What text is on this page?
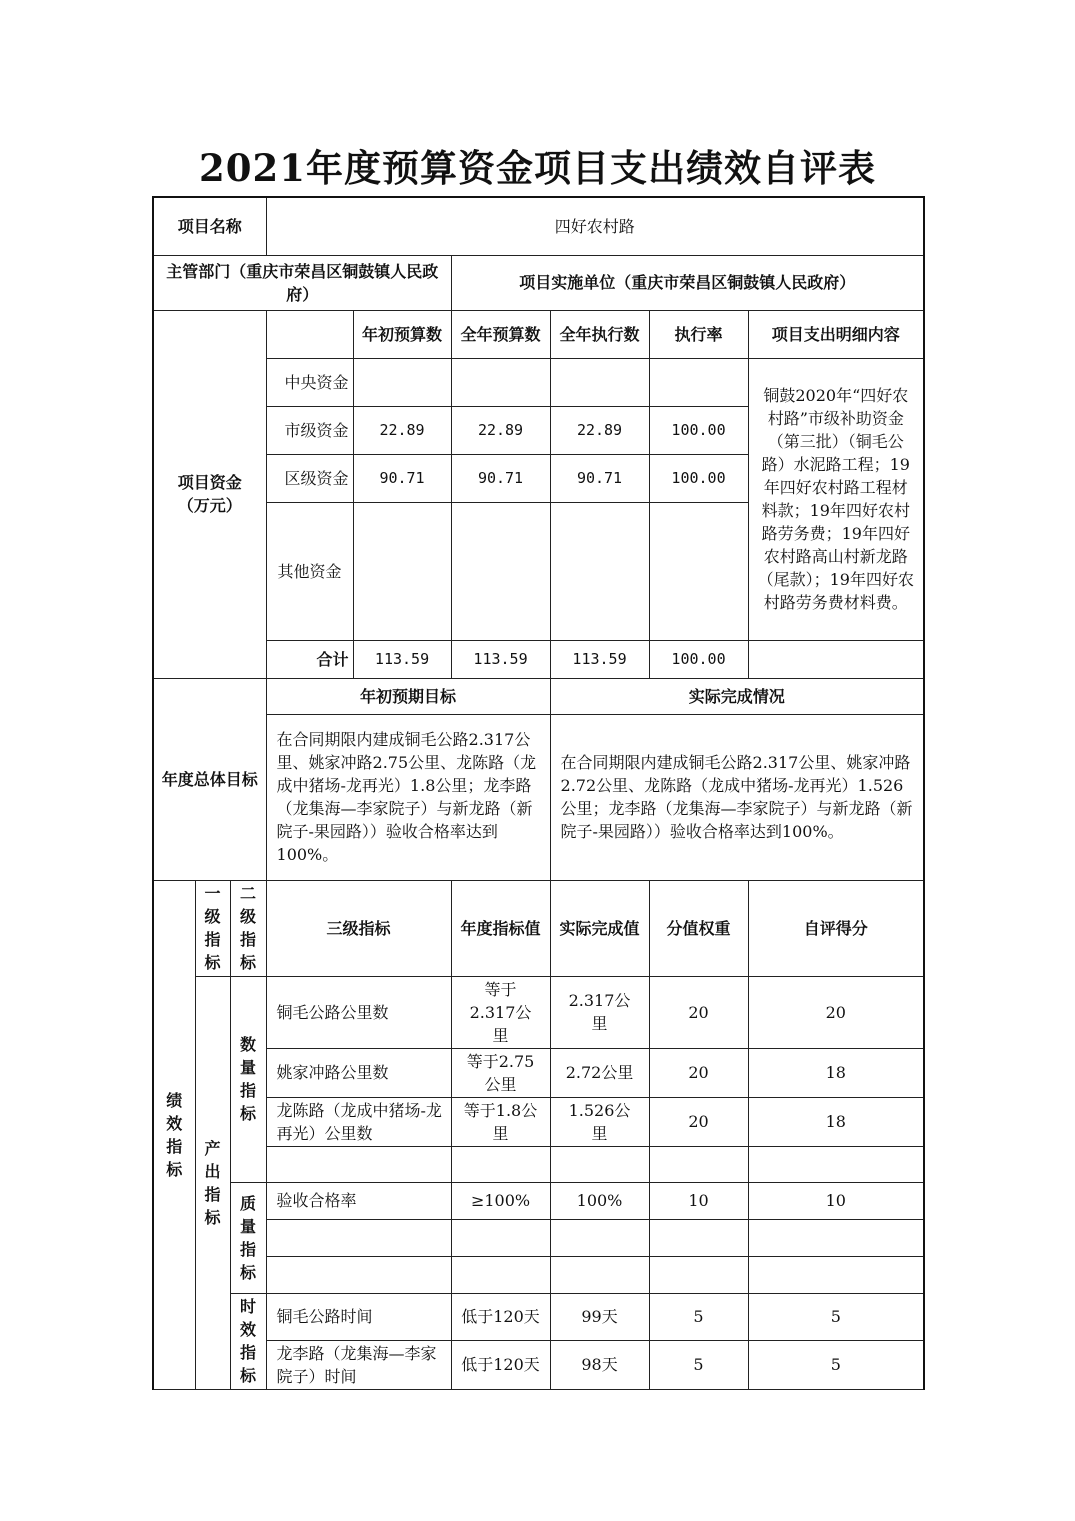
2021年度预算资金项目支出绩效自评表
项目名称			四好农村路					
主管部门（重庆市荣昌区铜鼓镇人民政府）					项目实施单位（重庆市荣昌区铜鼓镇人民政府）			
项目资金（万元）				年初预算数	全年预算数	全年执行数	执行率	项目支出明细内容
			中央资金					铜鼓2020年“四好农村路”市级补助资金（第三批）（铜毛公路）水泥路工程；19年四好农村路工程材料款；19年四好农村路劳务费；19年四好农村路高山村新龙路（尾款）；19年四好农村路劳务费材料费。
			市级资金	22.89	22.89	22.89	100.00	
			区级资金	90.71	90.71	90.71	100.00	
			其他资金					
			合计	113.59	113.59	113.59	100.00	
年度总体目标			年初预期目标			实际完成情况		
			在合同期限内建成铜毛公路2.317公里、姚家冲路2.75公里、龙陈路（龙成中猪场-龙再光）1.8公里；龙李路（龙集海—李家院子）与新龙路（新院子-果园路））验收合格率达到100%。			在合同期限内建成铜毛公路2.317公里、姚家冲路2.72公里、龙陈路（龙成中猪场-龙再光）1.526公里；龙李路（龙集海—李家院子）与新龙路（新院子-果园路））验收合格率达到100%。		
绩效指标	一级指标	二级指标	三级指标		年度指标值	实际完成值	分值权重	自评得分
	产出指标	数量指标	铜毛公路公里数		等于2.317公里	2.317公里	20	20
			姚家冲路公里数		等于2.75公里	2.72公里	20	18
			龙陈路（龙成中猪场-龙再光）公里数		等于1.8公里	1.526公里	20	18

		质量指标	验收合格率		≥100%	100%	10	10

		时效指标	铜毛公路时间		低于120天	99天	5	5
			龙李路（龙集海—李家院子）时间		低于120天	98天	5	5
